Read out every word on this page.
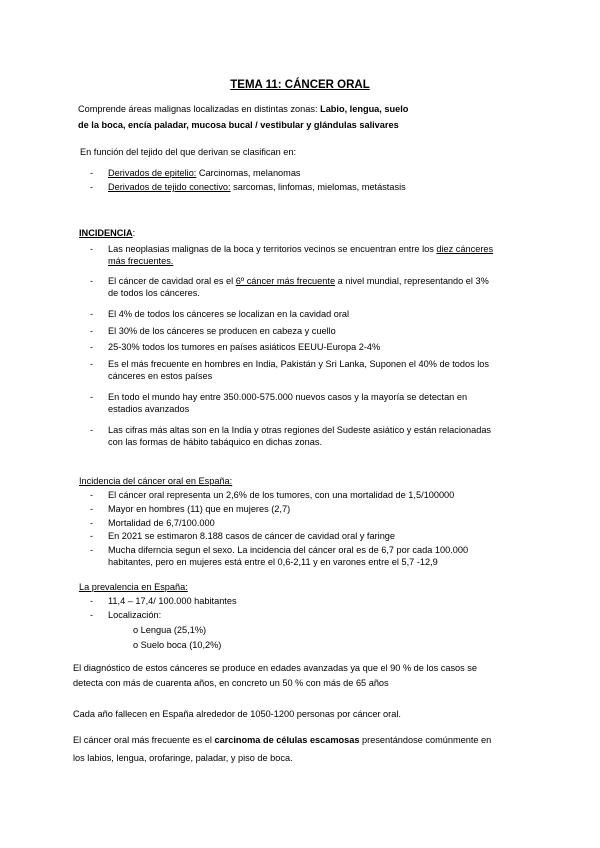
TEMA 11: CÁNCER ORAL
Comprende áreas malignas localizadas en distintas zonas: Labio, lengua, suelo
de la boca, encía paladar, mucosa bucal / vestibular y glándulas salivares
En función del tejido del que derivan se clasifican en:
- Derivados de epitelio: Carcinomas, melanomas
- Derivados de tejido conectivo: sarcomas, linfomas, mielomas, metástasis
INCIDENCIA:
- Las neoplasias malignas de la boca y territorios vecinos se encuentran entre los diez cánceres

más frecuentes.

- El cáncer de cavidad oral es el 6º cáncer más frecuente a nivel mundial, representando el 3%

de todos los cánceres.

- El 4% de todos los cánceres se localizan en la cavidad oral
- El 30% de los cánceres se producen en cabeza y cuello
- 25-30% todos los tumores en países asiáticos EEUU-Europa 2-4%
- Es el más frecuente en hombres en India, Pakistán y Sri Lanka, Suponen el 40% de todos los

cánceres en estos países

- En todo el mundo hay entre 350.000-575.000 nuevos casos y la mayoría se detectan en

estadios avanzados

- Las cifras más altas son en la India y otras regiones del Sudeste asiático y están relacionadas

con las formas de hábito tabáquico en dichas zonas.

Incidencia del cáncer oral en España:
- El cáncer oral representa un 2,6% de los tumores, con una mortalidad de 1,5/100000
- Mayor en hombres (11) que en mujeres (2,7)
- Mortalidad de 6,7/100.000
- En 2021 se estimaron 8.188 casos de cáncer de cavidad oral y faringe
- Mucha diferncia segun el sexo. La incidencia del cáncer oral es de 6,7 por cada 100.000

habitantes, pero en mujeres está entre el 0,6-2,11 y en varones entre el 5,7 -12,9

La prevalencia en España:
- 11,4 – 17,4/ 100.000 habitantes
- Localización:
o Lengua (25,1%)
o Suelo boca (10,2%)

El diagnóstico de estos cánceres se produce en edades avanzadas ya que el 90 % de los casos se

detecta con más de cuarenta años, en concreto un 50 % con más de 65 años

Cada año fallecen en España alrededor de 1050-1200 personas por cáncer oral.

El cáncer oral más frecuente es el carcinoma de células escamosas presentándose comúnmente en

los labios, lengua, orofaringe, paladar, y piso de boca.
